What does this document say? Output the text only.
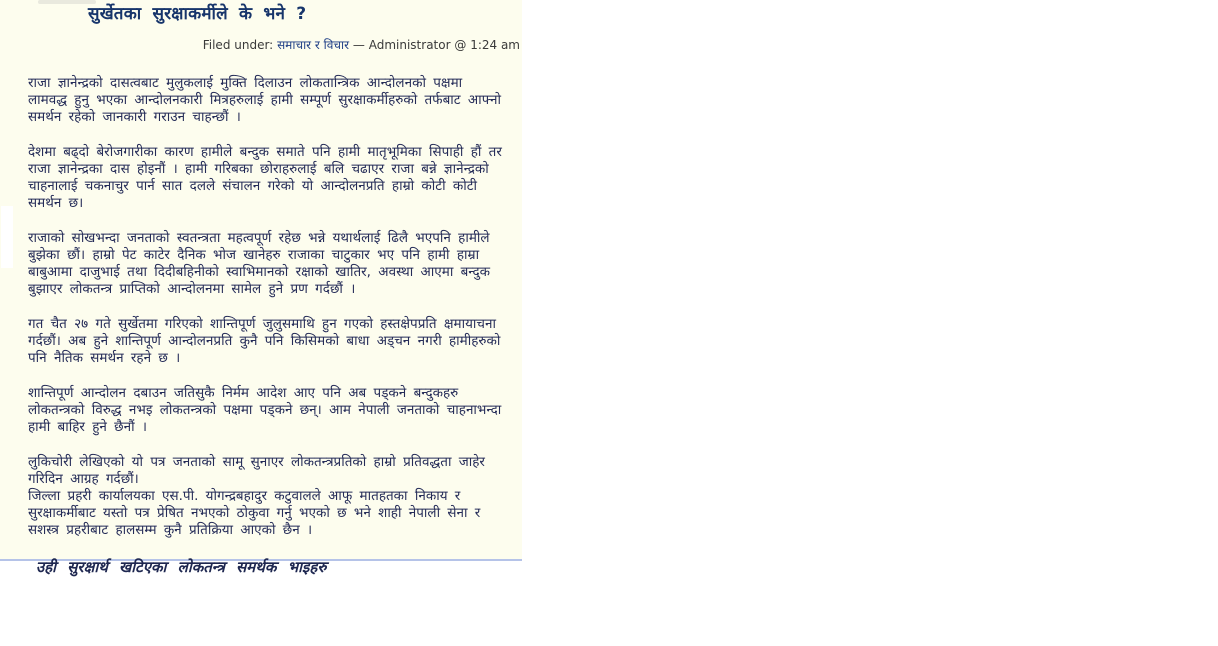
सुर्खेतका सुरक्षाकर्मीले के भने ?
Filed under: समाचार र विचार — Administrator @ 1:24 am

राजा ज्ञानेन्द्रको दासत्वबाट मुलुकलाई मुक्ति दिलाउन लोकतान्त्रिक आन्दोलनको पक्षमा लामवद्ध हुनु भएका आन्दोलनकारी मित्रहरुलाई हामी सम्पूर्ण सुरक्षाकर्मीहरुको तर्फबाट आफ्नो समर्थन रहेको जानकारी गराउन चाहन्छौं ।

देशमा बढ्दो बेरोजगारीका कारण हामीले बन्दुक समाते पनि हामी मातृभूमिका सिपाही हौं तर राजा ज्ञानेन्द्रका दास होइनौं । हामी गरिबका छोराहरुलाई बलि चढाएर राजा बन्ने ज्ञानेन्द्रको चाहनालाई चकनाचुर पार्न सात दलले संचालन गरेको यो आन्दोलनप्रति हाम्रो कोटी कोटी समर्थन छ।

राजाको सोखभन्दा जनताको स्वतन्त्रता महत्वपूर्ण रहेछ भन्ने यथार्थलाई ढिलै भएपनि हामीले बुझेका छौं। हाम्रो पेट काटेर दैनिक भोज खानेहरु राजाका चाटुकार भए पनि हामी हाम्रा बाबुआमा दाजुभाई तथा दिदीबहिनीको स्वाभिमानको रक्षाको खातिर, अवस्था आएमा बन्दुक बुझाएर लोकतन्त्र प्राप्तिको आन्दोलनमा सामेल हुने प्रण गर्दछौं ।

गत चैत २७ गते सुर्खेतमा गरिएको शान्तिपूर्ण जुलुसमाथि हुन गएको हस्तक्षेपप्रति क्षमायाचना गर्दछौं। अब हुने शान्तिपूर्ण आन्दोलनप्रति कुनै पनि किसिमको बाधा अड्चन नगरी हामीहरुको पनि नैतिक समर्थन रहने छ ।

शान्तिपूर्ण आन्दोलन दबाउन जतिसुकै निर्मम आदेश आए पनि अब पड्कने बन्दुकहरु लोकतन्त्रको विरुद्ध नभइ लोकतन्त्रको पक्षमा पड्कने छन्। आम नेपाली जनताको चाहनाभन्दा हामी बाहिर हुने छैनौं ।

लुकिचोरी लेखिएको यो पत्र जनताको सामू सुनाएर लोकतन्त्रप्रतिको हाम्रो प्रतिवद्धता जाहेर गरिदिन आग्रह गर्दछौं।

जिल्ला प्रहरी कार्यालयका एस.पी. योगन्द्रबहादुर कटुवालले आफू मातहतका निकाय र सुरक्षाकर्मीबाट यस्तो पत्र प्रेषित नभएको ठोकुवा गर्नु भएको छ भने शाही नेपाली सेना र सशस्त्र प्रहरीबाट हालसम्म कुनै प्रतिक्रिया आएको छैन ।

उही सुरक्षार्थ खटिएका लोकतन्त्र समर्थक भाइहरु
